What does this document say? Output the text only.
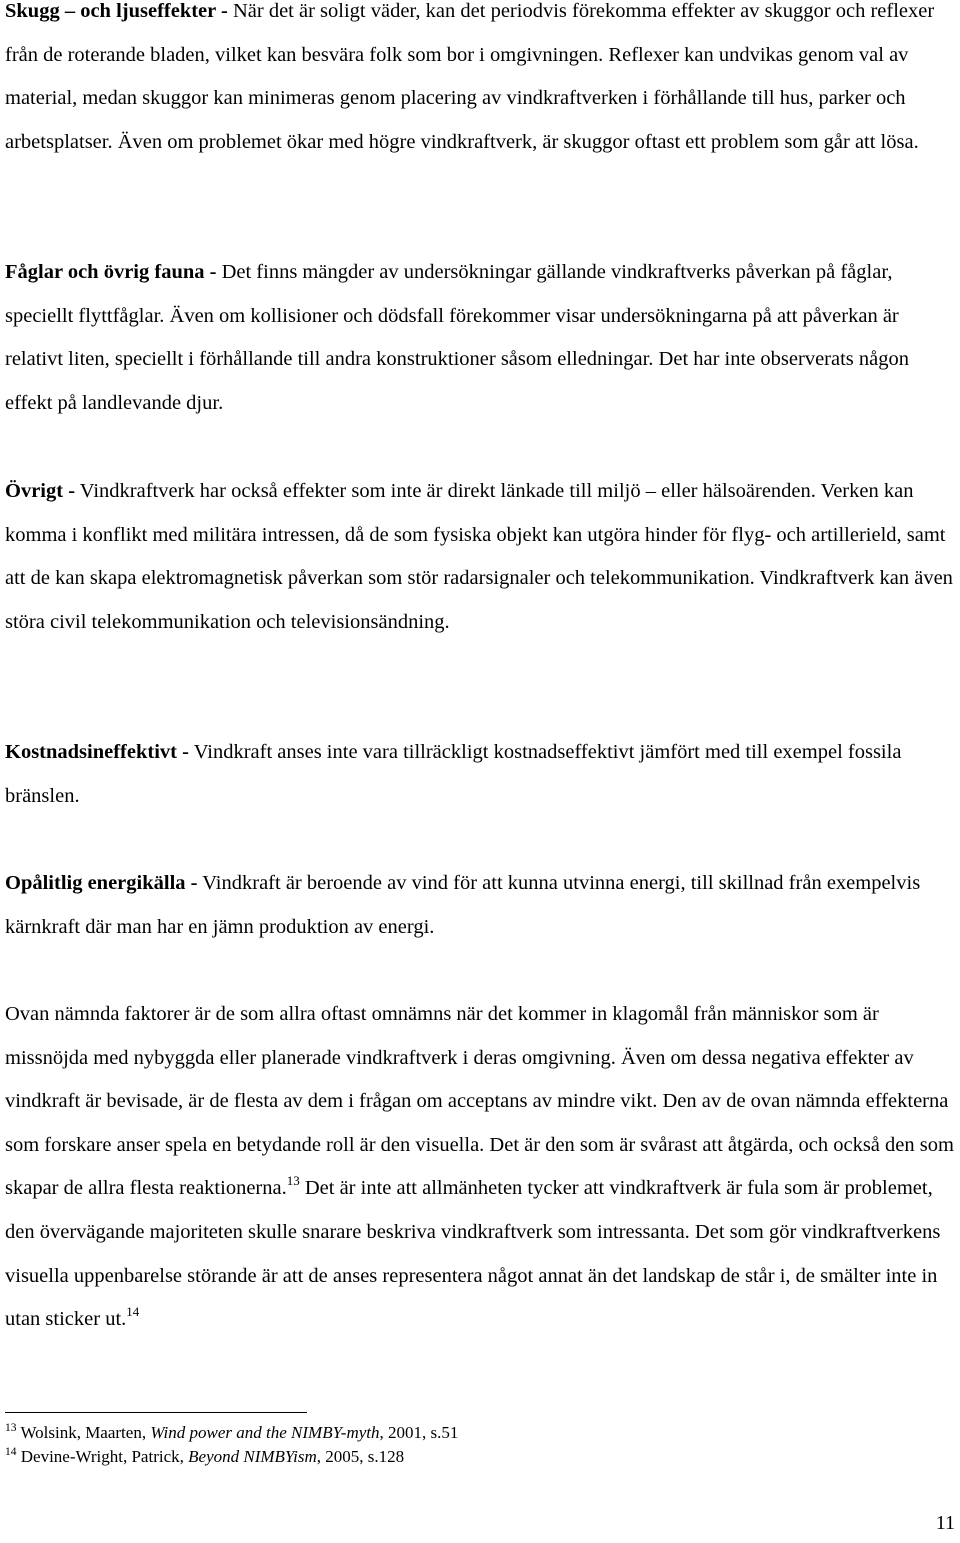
Skugg – och ljuseffekter - När det är soligt väder, kan det periodvis förekomma effekter av skuggor och reflexer från de roterande bladen, vilket kan besvära folk som bor i omgivningen. Reflexer kan undvikas genom val av material, medan skuggor kan minimeras genom placering av vindkraftverken i förhållande till hus, parker och arbetsplatser. Även om problemet ökar med högre vindkraftverk, är skuggor oftast ett problem som går att lösa.

Fåglar och övrig fauna - Det finns mängder av undersökningar gällande vindkraftverks påverkan på fåglar, speciellt flyttfåglar. Även om kollisioner och dödsfall förekommer visar undersökningarna på att påverkan är relativt liten, speciellt i förhållande till andra konstruktioner såsom elledningar. Det har inte observerats någon effekt på landlevande djur.

Övrigt - Vindkraftverk har också effekter som inte är direkt länkade till miljö – eller hälsoärenden. Verken kan komma i konflikt med militära intressen, då de som fysiska objekt kan utgöra hinder för flyg- och artillerield, samt att de kan skapa elektromagnetisk påverkan som stör radarsignaler och telekommunikation. Vindkraftverk kan även störa civil telekommunikation och televisionsändning.

Kostnadsineffektivt - Vindkraft anses inte vara tillräckligt kostnadseffektivt jämfört med till exempel fossila bränslen.

Opålitlig energikälla - Vindkraft är beroende av vind för att kunna utvinna energi, till skillnad från exempelvis kärnkraft där man har en jämn produktion av energi.

Ovan nämnda faktorer är de som allra oftast omnämns när det kommer in klagomål från människor som är missnöjda med nybyggda eller planerade vindkraftverk i deras omgivning. Även om dessa negativa effekter av vindkraft är bevisade, är de flesta av dem i frågan om acceptans av mindre vikt. Den av de ovan nämnda effekterna som forskare anser spela en betydande roll är den visuella. Det är den som är svårast att åtgärda, och också den som skapar de allra flesta reaktionerna.$^{13}$ Det är inte att allmänheten tycker att vindkraftverk är fula som är problemet, den övervägande majoriteten skulle snarare beskriva vindkraftverk som intressanta. Det som gör vindkraftverkens visuella uppenbarelse störande är att de anses representera något annat än det landskap de står i, de smälter inte in utan sticker ut.$^{14}$

$^{13}$ Wolsink, Maarten, Wind power and the NIMBY-myth, 2001, s.51
$^{14}$ Devine-Wright, Patrick, Beyond NIMBYism, 2005, s.128
11
